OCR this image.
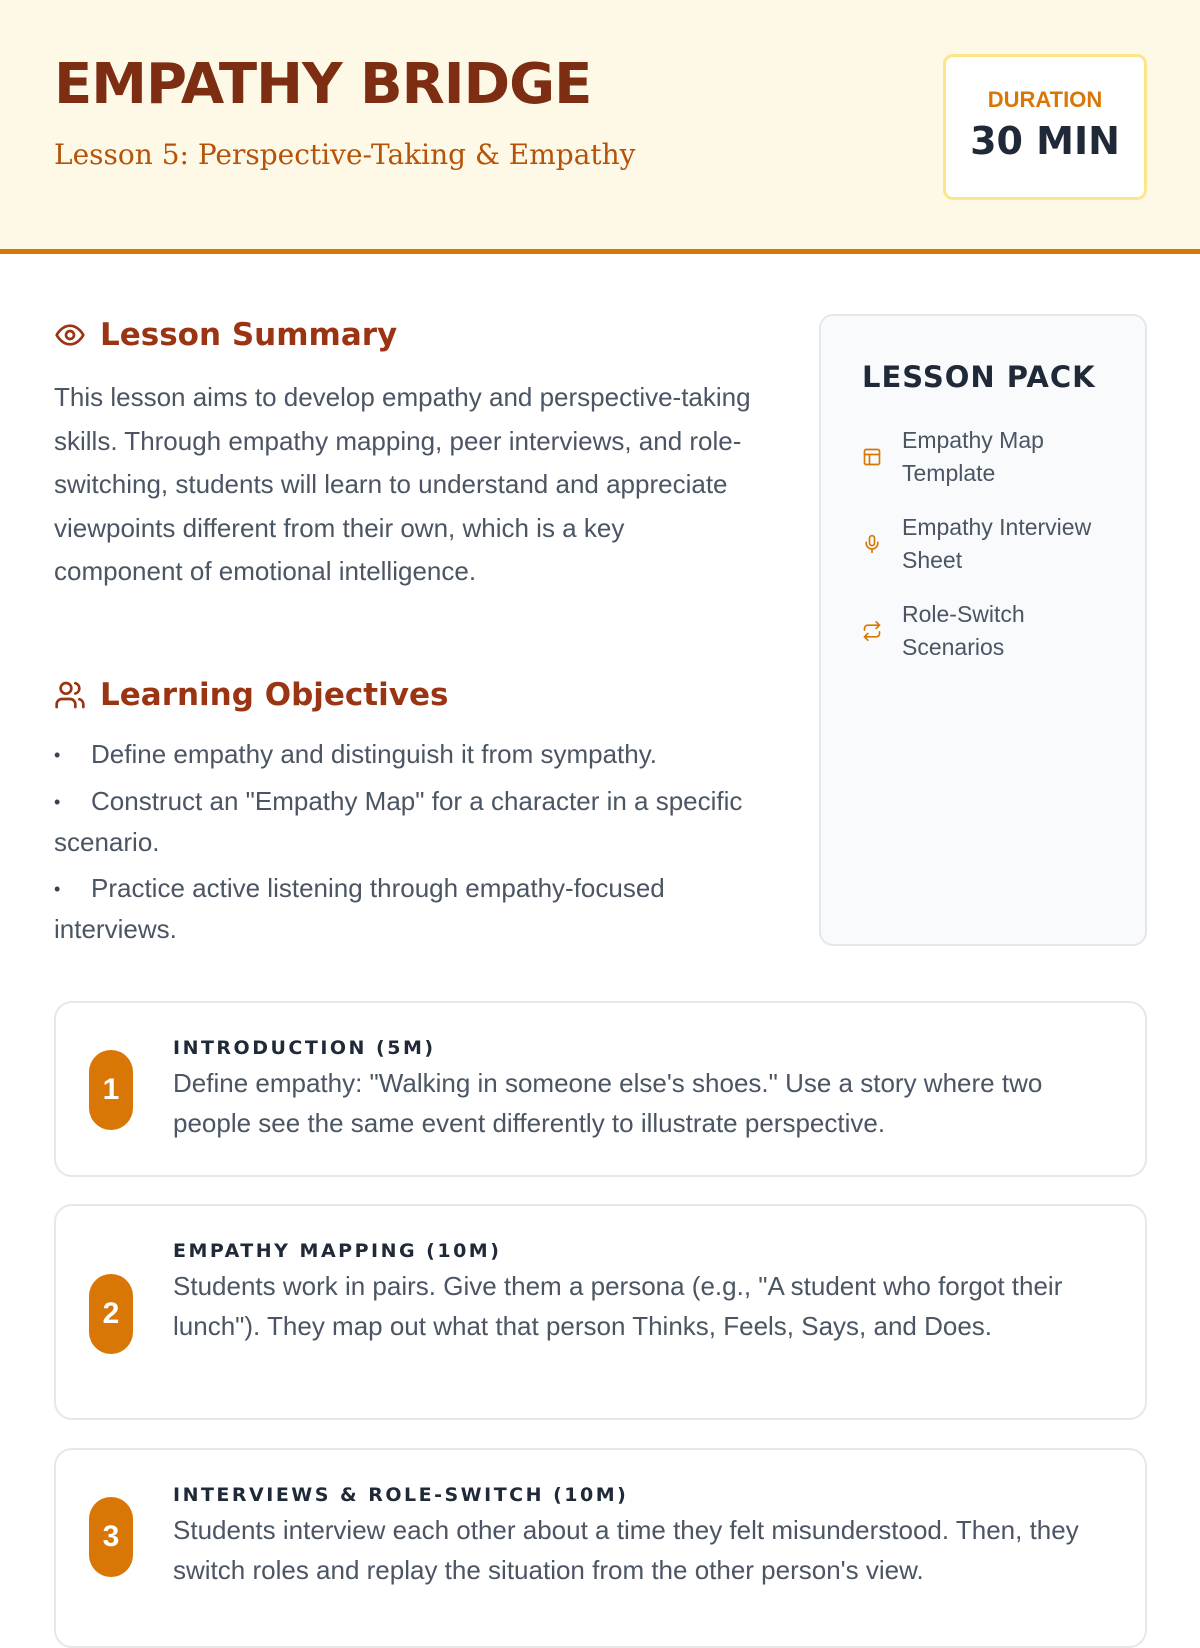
EMPATHY BRIDGE
Lesson 5: Perspective-Taking & Empathy
DURATION
30 MIN
Lesson Summary

This lesson aims to develop empathy and perspective-taking skills. Through empathy mapping, peer interviews, and role-switching, students will learn to understand and appreciate viewpoints different from their own, which is a key component of emotional intelligence.

Learning Objectives
• Define empathy and distinguish it from sympathy.
• Construct an "Empathy Map" for a character in a specific scenario.
• Practice active listening through empathy-focused interviews.
LESSON PACK
Empathy Map Template
Empathy Interview Sheet
Role-Switch Scenarios
1
INTRODUCTION (5M)
Define empathy: "Walking in someone else's shoes." Use a story where two people see the same event differently to illustrate perspective.
2
EMPATHY MAPPING (10M)
Students work in pairs. Give them a persona (e.g., "A student who forgot their lunch"). They map out what that person Thinks, Feels, Says, and Does.
3
INTERVIEWS & ROLE-SWITCH (10M)
Students interview each other about a time they felt misunderstood. Then, they switch roles and replay the situation from the other person's view.
